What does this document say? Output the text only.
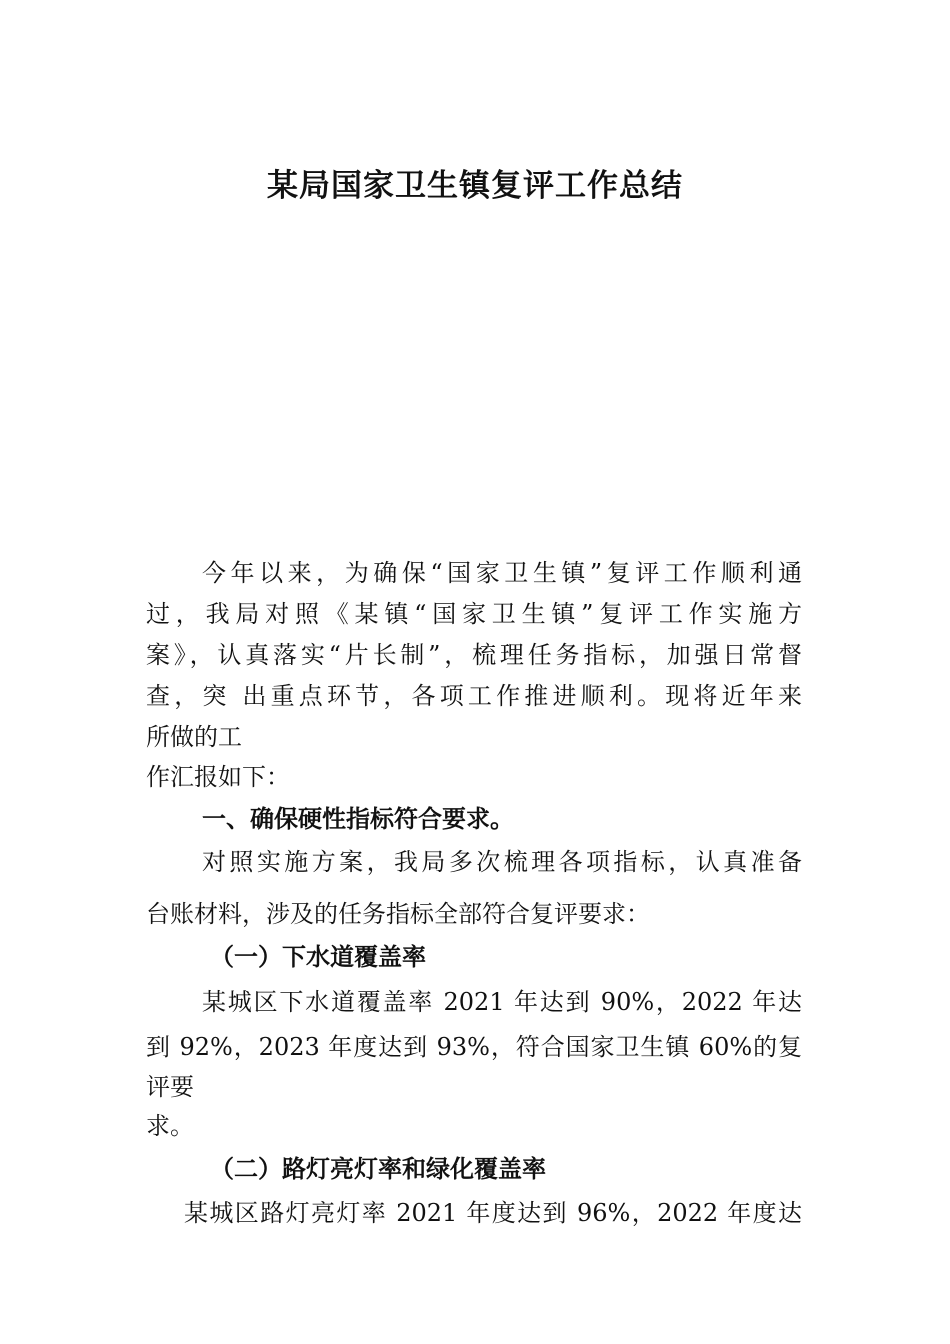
某局国家卫生镇复评工作总结
今年以来，为确保“国家卫生镇”复评工作顺利通
过，我局对照《某镇“国家卫生镇”复评工作实施方
案》，认真落实“片长制”，梳理任务指标，加强日常督
查，突 出重点环节，各项工作推进顺利。现将近年来
所做的工
作汇报如下：
一、确保硬性指标符合要求。
对照实施方案，我局多次梳理各项指标，认真准备
台账材料，涉及的任务指标全部符合复评要求：
（一）下水道覆盖率
某城区下水道覆盖率 2021 年达到 90%，2022 年达
到 92%，2023 年度达到 93%，符合国家卫生镇 60%的复
评要
求。
（二）路灯亮灯率和绿化覆盖率
某城区路灯亮灯率 2021 年度达到 96%，2022 年度达
